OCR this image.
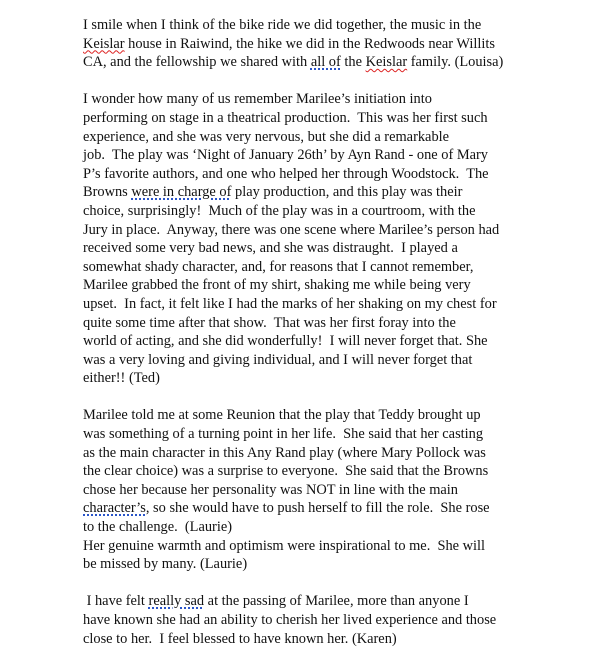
I smile when I think of the bike ride we did together, the music in the
Keislar house in Raiwind, the hike we did in the Redwoods near Willits
CA, and the fellowship we shared with all of the Keislar family. (Louisa)
I wonder how many of us remember Marilee’s initiation into
performing on stage in a theatrical production.  This was her first such
experience, and she was very nervous, but she did a remarkable
job.  The play was ‘Night of January 26th’ by Ayn Rand - one of Mary
P’s favorite authors, and one who helped her through Woodstock.  The
Browns were in charge of play production, and this play was their
choice, surprisingly!  Much of the play was in a courtroom, with the
Jury in place.  Anyway, there was one scene where Marilee’s person had
received some very bad news, and she was distraught.  I played a
somewhat shady character, and, for reasons that I cannot remember,
Marilee grabbed the front of my shirt, shaking me while being very
upset.  In fact, it felt like I had the marks of her shaking on my chest for
quite some time after that show.  That was her first foray into the
world of acting, and she did wonderfully!  I will never forget that. She
was a very loving and giving individual, and I will never forget that
either!! (Ted)
Marilee told me at some Reunion that the play that Teddy brought up
was something of a turning point in her life.  She said that her casting
as the main character in this Any Rand play (where Mary Pollock was
the clear choice) was a surprise to everyone.  She said that the Browns
chose her because her personality was NOT in line with the main
character’s, so she would have to push herself to fill the role.  She rose
to the challenge.  (Laurie)
Her genuine warmth and optimism were inspirational to me.  She will
be missed by many. (Laurie)
I have felt really sad at the passing of Marilee, more than anyone I
have known she had an ability to cherish her lived experience and those
close to her.  I feel blessed to have known her. (Karen)
